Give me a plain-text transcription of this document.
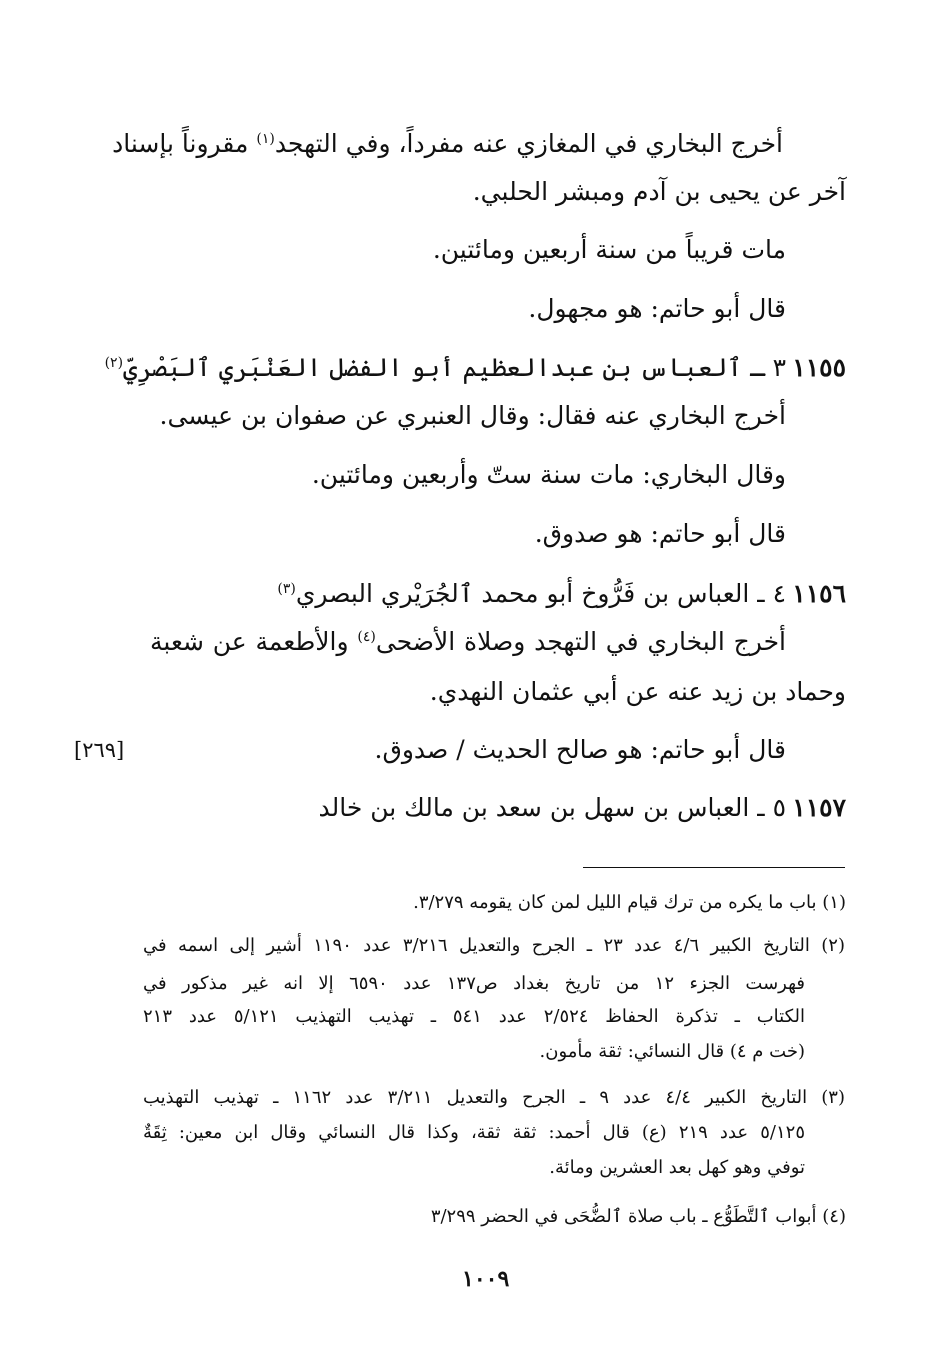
أخرج البخاري في المغازي عنه مفرداً، وفي التهجد$^{(١)}$ مقروناً بإسناد
آخر عن يحيى بن آدم ومبشر الحلبي.
مات قريباً من سنة أربعين ومائتين.
قال أبو حاتم: هو مجهول.
١١٥٥
٣ ـ ٱلعباس بن عبدالعظيم أبو الفضل العَنْبَري ٱلبَصْرِيّ$^{(٢)}$
أخرج البخاري عنه فقال: وقال العنبري عن صفوان بن عيسى.
وقال البخاري: مات سنة ستّ وأربعين ومائتين.
قال أبو حاتم: هو صدوق.
١١٥٦
٤ ـ العباس بن فَرُّوخ أبو محمد ٱلجُرَيْري البصري$^{(٣)}$
أخرج البخاري في التهجد وصلاة الأضحى$^{(٤)}$ والأطعمة عن شعبة
وحماد بن زيد عنه عن أبي عثمان النهدي.
قال أبو حاتم: هو صالح الحديث / صدوق.
[٢٦٩]
١١٥٧
٥ ـ العباس بن سهل بن سعد بن مالك بن خالد
(١) باب ما يكره من ترك قيام الليل لمن كان يقومه ٣/٢٧٩.
(٢) التاريخ الكبير ٤/٦ عدد ٢٣ ـ الجرح والتعديل ٣/٢١٦ عدد ١١٩٠ أشير إلى اسمه في
فهرست الجزء ١٢ من تاريخ بغداد ص١٣٧ عدد ٦٥٩٠ إلا انه غير مذكور في
الكتاب ـ تذكرة الحفاظ ٢/٥٢٤ عدد ٥٤١ ـ تهذيب التهذيب ٥/١٢١ عدد ٢١٣
(خت م ٤) قال النسائي: ثقة مأمون.
(٣) التاريخ الكبير ٤/٤ عدد ٩ ـ الجرح والتعديل ٣/٢١١ عدد ١١٦٢ ـ تهذيب التهذيب
٥/١٢٥ عدد ٢١٩ (ع) قال أحمد: ثقة ثقة، وكذا قال النسائي وقال ابن معين: ثِقَةٌ
توفي وهو كهل بعد العشرين ومائة.
(٤) أبواب ٱلتَّطَوُّع ـ باب صلاة ٱلضُّحَى في الحضر ٣/٢٩٩
١٠٠٩
